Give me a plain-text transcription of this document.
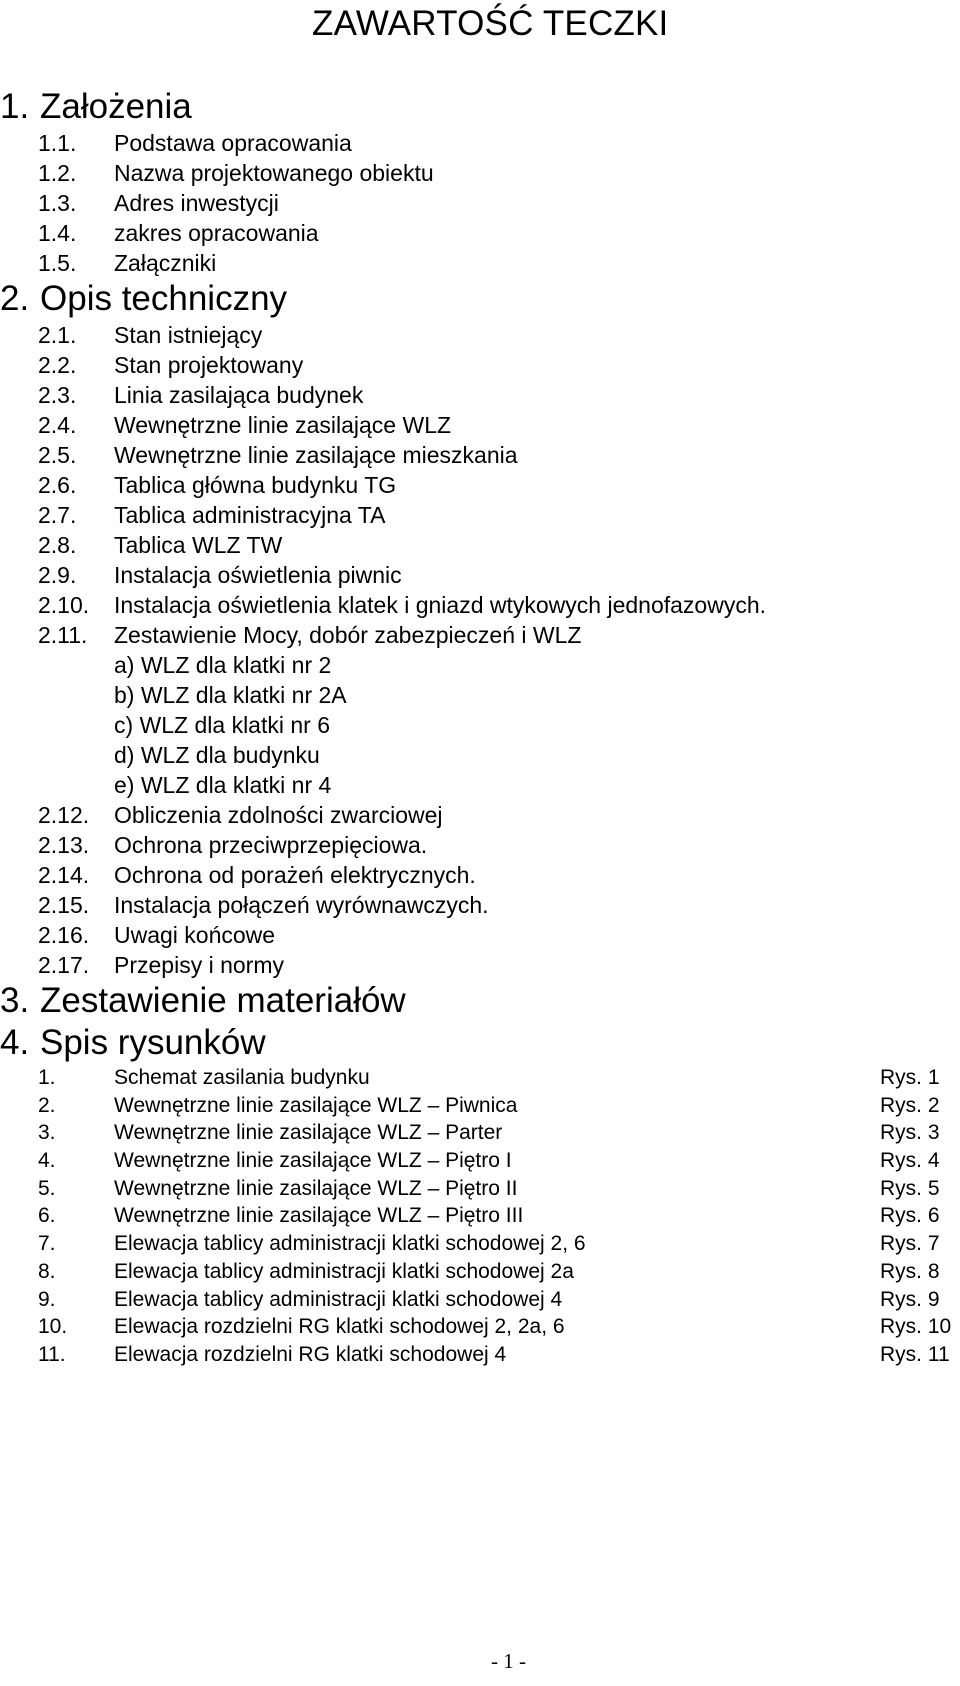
ZAWARTOŚĆ TECZKI
1. Założenia
1.1. Podstawa opracowania
1.2. Nazwa projektowanego obiektu
1.3. Adres inwestycji
1.4. zakres opracowania
1.5. Załączniki
2. Opis techniczny
2.1. Stan istniejący
2.2. Stan projektowany
2.3. Linia zasilająca budynek
2.4. Wewnętrzne linie zasilające WLZ
2.5. Wewnętrzne linie zasilające mieszkania
2.6. Tablica główna budynku TG
2.7. Tablica administracyjna TA
2.8. Tablica WLZ TW
2.9. Instalacja oświetlenia piwnic
2.10. Instalacja oświetlenia klatek i gniazd wtykowych jednofazowych.
2.11. Zestawienie Mocy, dobór zabezpieczeń i WLZ
a) WLZ dla klatki nr 2
b) WLZ dla klatki nr 2A
c) WLZ dla klatki nr 6
d) WLZ dla budynku
e) WLZ dla klatki nr 4
2.12. Obliczenia zdolności zwarciowej
2.13. Ochrona przeciwprzepięciowa.
2.14. Ochrona od porażeń elektrycznych.
2.15. Instalacja połączeń wyrównawczych.
2.16. Uwagi końcowe
2.17. Przepisy i normy
3. Zestawienie materiałów
4. Spis rysunków
1.	Schemat zasilania budynku	Rys. 1
2.	Wewnętrzne linie zasilające WLZ – Piwnica	Rys. 2
3.	Wewnętrzne linie zasilające WLZ – Parter	Rys. 3
4.	Wewnętrzne linie zasilające WLZ – Piętro I	Rys. 4
5.	Wewnętrzne linie zasilające WLZ – Piętro II	Rys. 5
6.	Wewnętrzne linie zasilające WLZ – Piętro III	Rys. 6
7.	Elewacja tablicy administracji klatki schodowej 2, 6	Rys. 7
8.	Elewacja tablicy administracji klatki schodowej 2a	Rys. 8
9.	Elewacja tablicy administracji klatki schodowej 4	Rys. 9
10. Elewacja rozdzielni RG klatki schodowej 2, 2a, 6	Rys. 10
11. Elewacja rozdzielni RG klatki schodowej 4	Rys. 11
- 1 -
